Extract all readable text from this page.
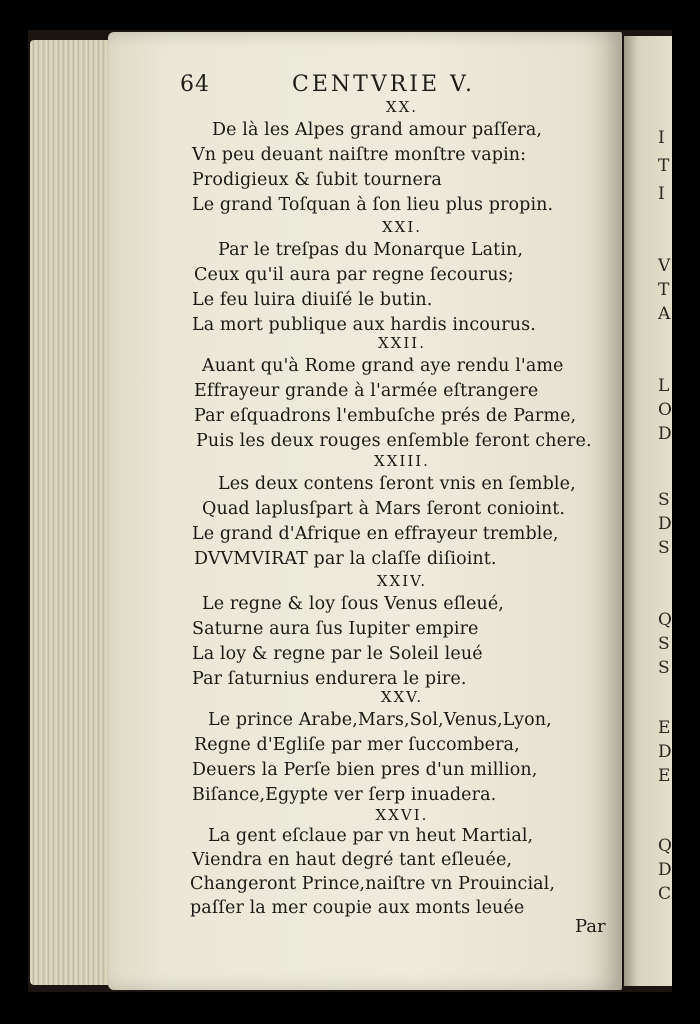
I
T
I
V
T
A
L
O
D
S
D
S
Q
S
S
E
D
E
Q
D
C
64	CENTVRIE V.
XX.
De là les Alpes grand amour paſſera,
Vn peu deuant naiſtre monſtre vapin:
Prodigieux & ſubit tournera
Le grand Toſquan à ſon lieu plus propin.
XXI.
Par le treſpas du Monarque Latin,
Ceux qu'il aura par regne ſecourus;
Le feu luira diuiſé le butin.
La mort publique aux hardis incourus.
XXII.
Auant qu'à Rome grand aye rendu l'ame
Effrayeur grande à l'armée eſtrangere
Par eſquadrons l'embuſche prés de Parme,
Puis les deux rouges enſemble feront chere.
XXIII.
Les deux contens ſeront vnis en ſemble,
Quad laplusſpart à Mars ſeront conioint.
Le grand d'Afrique en effrayeur tremble,
DVVMVIRAT par la claſſe diſioint.
XXIV.
Le regne & loy ſous Venus eſleué,
Saturne aura ſus Iupiter empire
La loy & regne par le Soleil leué
Par ſaturnius endurera le pire.
XXV.
Le prince Arabe,Mars,Sol,Venus,Lyon,
Regne d'Egliſe par mer ſuccombera,
Deuers la Perſe bien pres d'un million,
Biſance,Egypte ver ſerp inuadera.
XXVI.
La gent eſclaue par vn heut Martial,
Viendra en haut degré tant eſleuée,
Changeront Prince,naiſtre vn Prouincial,
paſſer la mer coupie aux monts leuée
Par
